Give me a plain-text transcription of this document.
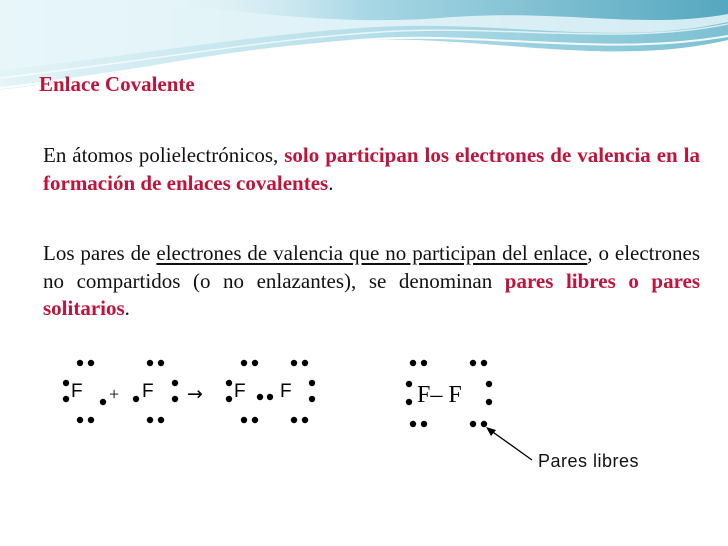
Enlace Covalente

En átomos polielectrónicos, solo participan los electrones de valencia en la formación de enlaces covalentes.

Los pares de electrones de valencia que no participan del enlace, o electrones no compartidos (o no enlazantes), se denominan pares libres o pares solitarios.

F + F → F F	F– F
Pares libres
